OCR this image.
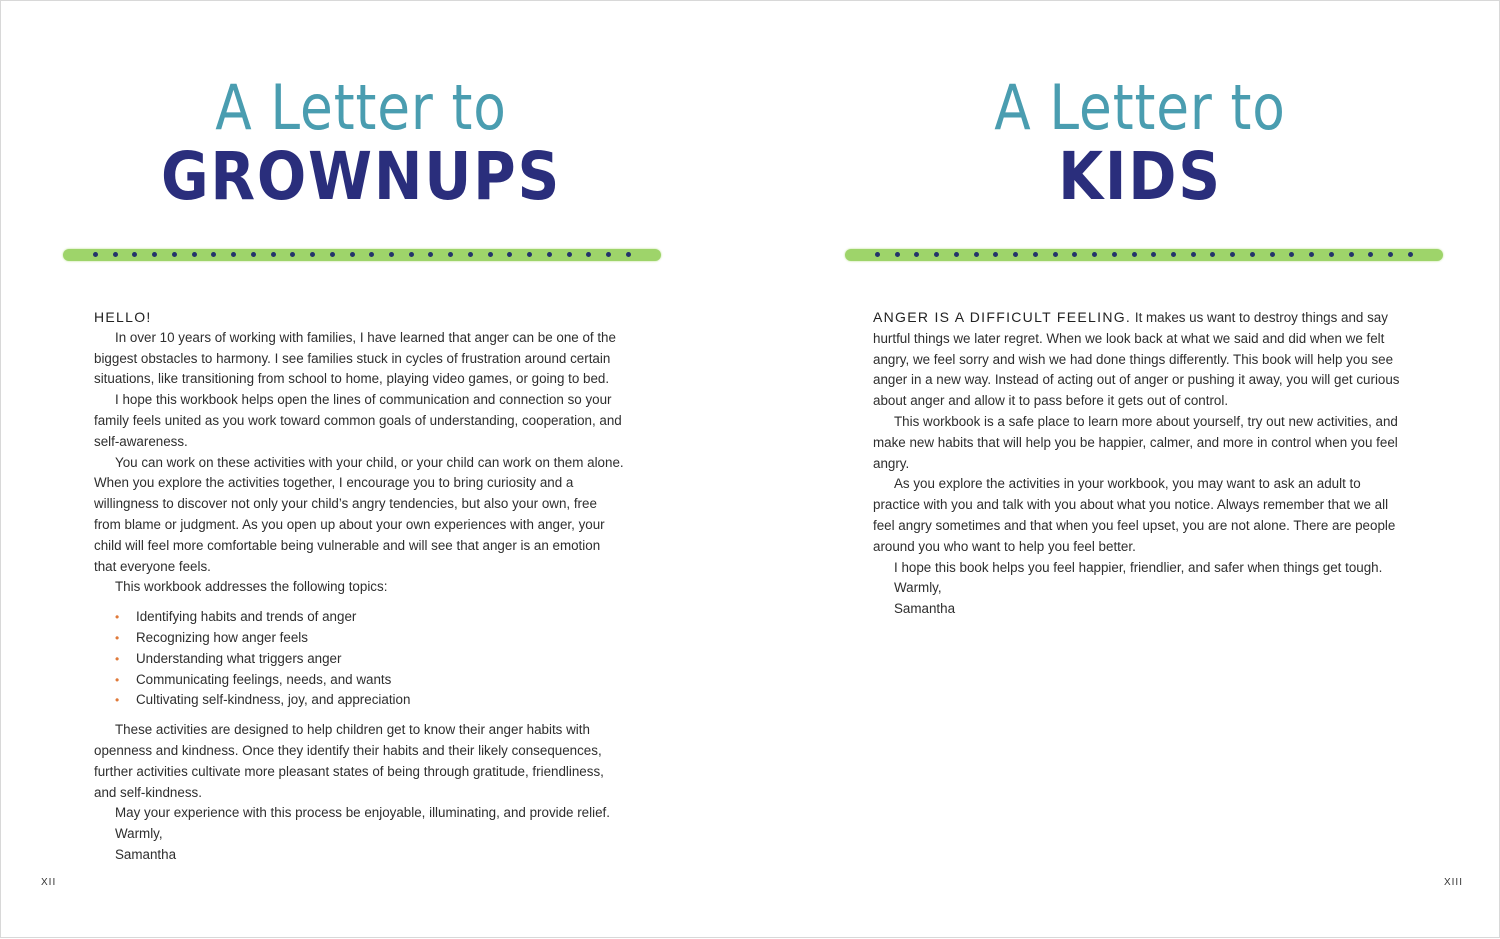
A Letter to
GROWNUPS

HELLO!

In over 10 years of working with families, I have learned that anger can be one of the biggest obstacles to harmony. I see families stuck in cycles of frustration around certain situations, like transitioning from school to home, playing video games, or going to bed.

I hope this workbook helps open the lines of communication and connection so your family feels united as you work toward common goals of understanding, cooperation, and self-awareness.

You can work on these activities with your child, or your child can work on them alone. When you explore the activities together, I encourage you to bring curiosity and a willingness to discover not only your child’s angry tendencies, but also your own, free from blame or judgment. As you open up about your own experiences with anger, your child will feel more comfortable being vulnerable and will see that anger is an emotion that everyone feels.

This workbook addresses the following topics:

• Identifying habits and trends of anger
• Recognizing how anger feels
• Understanding what triggers anger
• Communicating feelings, needs, and wants
• Cultivating self-kindness, joy, and appreciation

These activities are designed to help children get to know their anger habits with openness and kindness. Once they identify their habits and their likely consequences, further activities cultivate more pleasant states of being through gratitude, friendliness, and self-kindness.

May your experience with this process be enjoyable, illuminating, and provide relief.

Warmly,

Samantha

XII
A Letter to
KIDS

ANGER IS A DIFFICULT FEELING. It makes us want to destroy things and say hurtful things we later regret. When we look back at what we said and did when we felt angry, we feel sorry and wish we had done things differently. This book will help you see anger in a new way. Instead of acting out of anger or pushing it away, you will get curious about anger and allow it to pass before it gets out of control.

This workbook is a safe place to learn more about yourself, try out new activities, and make new habits that will help you be happier, calmer, and more in control when you feel angry.

As you explore the activities in your workbook, you may want to ask an adult to practice with you and talk with you about what you notice. Always remember that we all feel angry sometimes and that when you feel upset, you are not alone. There are people around you who want to help you feel better.

I hope this book helps you feel happier, friendlier, and safer when things get tough.

Warmly,

Samantha

XIII
